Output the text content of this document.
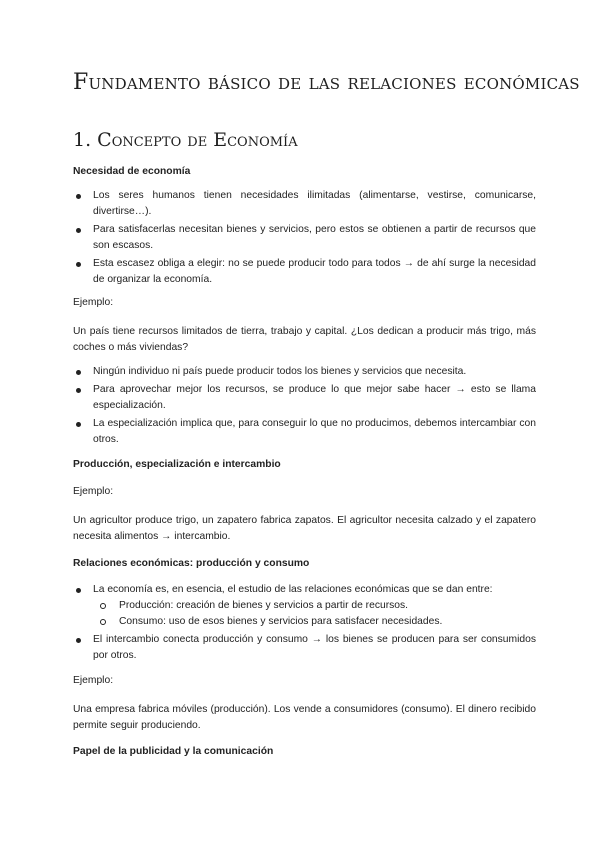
Fundamento básico de las relaciones económicas
1. Concepto de Economía
Necesidad de economía
Los seres humanos tienen necesidades ilimitadas (alimentarse, vestirse, comunicarse, divertirse…).
Para satisfacerlas necesitan bienes y servicios, pero estos se obtienen a partir de recursos que son escasos.
Esta escasez obliga a elegir: no se puede producir todo para todos → de ahí surge la necesidad de organizar la economía.
Ejemplo:
Un país tiene recursos limitados de tierra, trabajo y capital. ¿Los dedican a producir más trigo, más coches o más viviendas?
Ningún individuo ni país puede producir todos los bienes y servicios que necesita.
Para aprovechar mejor los recursos, se produce lo que mejor sabe hacer → esto se llama especialización.
La especialización implica que, para conseguir lo que no producimos, debemos intercambiar con otros.
Producción, especialización e intercambio
Ejemplo:
Un agricultor produce trigo, un zapatero fabrica zapatos. El agricultor necesita calzado y el zapatero necesita alimentos → intercambio.
Relaciones económicas: producción y consumo
La economía es, en esencia, el estudio de las relaciones económicas que se dan entre:
Producción: creación de bienes y servicios a partir de recursos.
Consumo: uso de esos bienes y servicios para satisfacer necesidades.
El intercambio conecta producción y consumo → los bienes se producen para ser consumidos por otros.
Ejemplo:
Una empresa fabrica móviles (producción). Los vende a consumidores (consumo). El dinero recibido permite seguir produciendo.
Papel de la publicidad y la comunicación
